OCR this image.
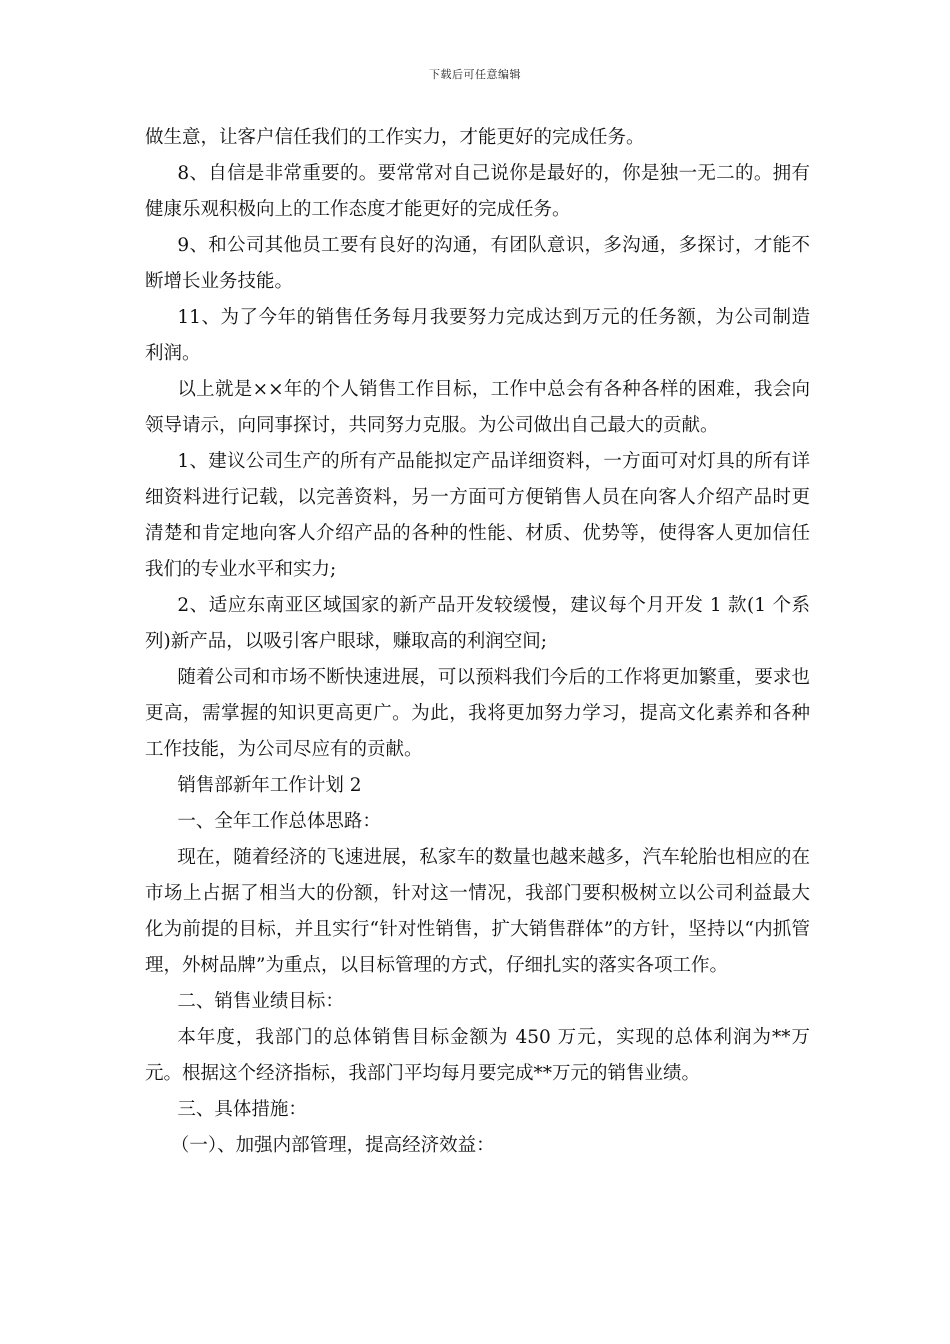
下载后可任意编辑

做生意，让客户信任我们的工作实力，才能更好的完成任务。

8、自信是非常重要的。要常常对自己说你是最好的，你是独一无二的。拥有健康乐观积极向上的工作态度才能更好的完成任务。

9、和公司其他员工要有良好的沟通，有团队意识，多沟通，多探讨，才能不断增长业务技能。

11、为了今年的销售任务每月我要努力完成达到万元的任务额，为公司制造利润。

以上就是××年的个人销售工作目标，工作中总会有各种各样的困难，我会向领导请示，向同事探讨，共同努力克服。为公司做出自己最大的贡献。

1、建议公司生产的所有产品能拟定产品详细资料，一方面可对灯具的所有详细资料进行记载，以完善资料，另一方面可方便销售人员在向客人介绍产品时更清楚和肯定地向客人介绍产品的各种的性能、材质、优势等，使得客人更加信任我们的专业水平和实力;

2、适应东南亚区域国家的新产品开发较缓慢，建议每个月开发 1 款(1 个系列)新产品，以吸引客户眼球，赚取高的利润空间;

随着公司和市场不断快速进展，可以预料我们今后的工作将更加繁重，要求也更高，需掌握的知识更高更广。为此，我将更加努力学习，提高文化素养和各种工作技能，为公司尽应有的贡献。

销售部新年工作计划 2

一、全年工作总体思路：

现在，随着经济的飞速进展，私家车的数量也越来越多，汽车轮胎也相应的在市场上占据了相当大的份额，针对这一情况，我部门要积极树立以公司利益最大化为前提的目标，并且实行“针对性销售，扩大销售群体”的方针，坚持以“内抓管理，外树品牌”为重点，以目标管理的方式，仔细扎实的落实各项工作。

二、销售业绩目标：

本年度，我部门的总体销售目标金额为 450 万元，实现的总体利润为**万元。根据这个经济指标，我部门平均每月要完成**万元的销售业绩。

三、具体措施：

（一）、加强内部管理，提高经济效益：
